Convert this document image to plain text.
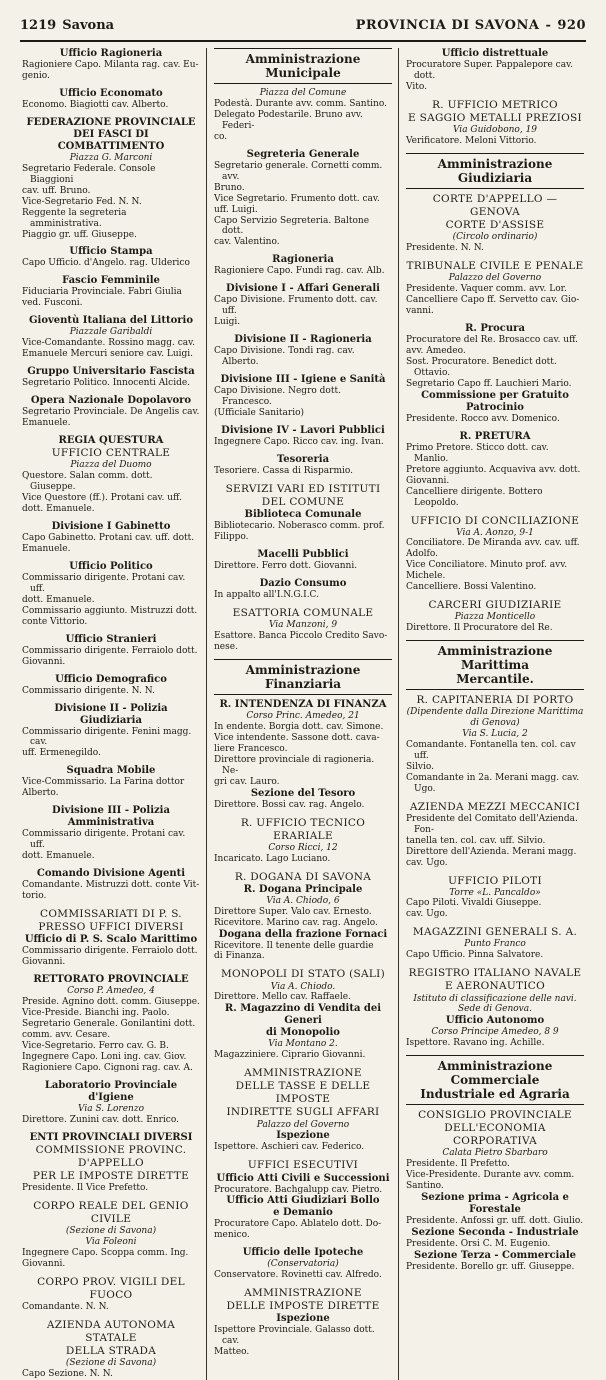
1219 Savona	PROVINCIA DI SAVONA - 920
Ufficio Ragioneria
Ragioniere Capo. Milanta rag. cav. Eu-
genio.
Ufficio Economato
Economo. Biagiotti cav. Alberto.
FEDERAZIONE PROVINCIALE
DEI FASCI DI COMBATTIMENTO
Piazza G. Marconi
Segretario Federale. Console Biaggioni
cav. uff. Bruno.
Vice-Segretario Fed. N. N.
Reggente la segreteria amministrativa.
Piaggio gr. uff. Giuseppe.
Ufficio Stampa
Capo Ufficio. d'Angelo. rag. Ulderico
Fascio Femminile
Fiduciaria Provinciale. Fabri Giulia
ved. Fusconi.
Gioventù Italiana del Littorio
Piazzale Garibaldi
Vice-Comandante. Rossino magg. cav.
Emanuele Mercuri seniore cav. Luigi.
Gruppo Universitario Fascista
Segretario Politico. Innocenti Alcide.
Opera Nazionale Dopolavoro
Segretario Provinciale. De Angelis cav.
Emanuele.
REGIA QUESTURA
UFFICIO CENTRALE
Piazza del Duomo
Questore. Salan comm. dott. Giuseppe.
Vice Questore (ff.). Protani cav. uff.
dott. Emanuele.
Divisione I Gabinetto
Capo Gabinetto. Protani cav. uff. dott.
Emanuele.
Ufficio Politico
Commissario dirigente. Protani cav. uff.
dott. Emanuele.
Commissario aggiunto. Mistruzzi dott.
conte Vittorio.
Ufficio Stranieri
Commissario dirigente. Ferraiolo dott.
Giovanni.
Ufficio Demografico
Commissario dirigente. N. N.
Divisione II - Polizia Giudiziaria
Commissario dirigente. Fenini magg. cav.
uff. Ermenegildo.
Squadra Mobile
Vice-Commissario. La Farina dottor
Alberto.
Divisione III - Polizia Amministrativa
Commissario dirigente. Protani cav. uff.
dott. Emanuele.
Comando Divisione Agenti
Comandante. Mistruzzi dott. conte Vit-
torio.
COMMISSARIATI DI P. S.
PRESSO UFFICI DIVERSI
Ufficio di P. S. Scalo Marittimo
Commissario dirigente. Ferraiolo dott.
Giovanni.
RETTORATO PROVINCIALE
Corso P. Amedeo, 4
Preside. Agnino dott. comm. Giuseppe.
Vice-Preside. Bianchi ing. Paolo.
Segretario Generale. Gonilantini dott.
comm. avv. Cesare.
Vice-Segretario. Ferro cav. G. B.
Ingegnere Capo. Loni ing. cav. Giov.
Ragioniere Capo. Cignoni rag. cav. A.
Laboratorio Provinciale d'Igiene
Via S. Lorenzo
Direttore. Zunini cav. dott. Enrico.
ENTI PROVINCIALI DIVERSI
COMMISSIONE PROVINC. D'APPELLO
PER LE IMPOSTE DIRETTE
Presidente. Il Vice Prefetto.
CORPO REALE DEL GENIO CIVILE
(Sezione di Savona)
Via Foleoni
Ingegnere Capo. Scoppa comm. Ing.
Giovanni.
CORPO PROV. VIGILI DEL FUOCO
Comandante. N. N.
AZIENDA AUTONOMA STATALE
DELLA STRADA
(Sezione di Savona)
Capo Sezione. N. N.
Amministrazione Municipale
Piazza del Comune
Podestà. Durante avv. comm. Santino.
Delegato Podestarile. Bruno avv. Federi-
co.
Segreteria Generale
Segretario generale. Cornetti comm. avv.
Bruno.
Vice Segretario. Frumento dott. cav.
uff. Luigi.
Capo Servizio Segreteria. Baltone dott.
cav. Valentino.
Ragioneria
Ragioniere Capo. Fundi rag. cav. Alb.
Divisione I - Affari Generali
Capo Divisione. Frumento dott. cav. uff.
Luigi.
Divisione II - Ragioneria
Capo Divisione. Tondi rag. cav. Alberto.
Divisione III - Igiene e Sanità
Capo Divisione. Negro dott. Francesco.
(Ufficiale Sanitario)
Divisione IV - Lavori Pubblici
Ingegnere Capo. Ricco cav. ing. Ivan.
Tesoreria
Tesoriere. Cassa di Risparmio.
SERVIZI VARI ED ISTITUTI
DEL COMUNE
Biblioteca Comunale
Bibliotecario. Noberasco comm. prof.
Filippo.
Macelli Pubblici
Direttore. Ferro dott. Giovanni.
Dazio Consumo
In appalto all'I.N.G.I.C.
ESATTORIA COMUNALE
Via Manzoni, 9
Esattore. Banca Piccolo Credito Savo-
nese.
Amministrazione Finanziaria
R. INTENDENZA DI FINANZA
Corso Princ. Amedeo, 21
In endente. Borgia dott. cav. Simone.
Vice intendente. Sassone dott. cava-
liere Francesco.
Direttore provinciale di ragioneria. Ne-
gri cav. Lauro.
Sezione del Tesoro
Direttore. Bossi cav. rag. Angelo.
R. UFFICIO TECNICO ERARIALE
Corso Ricci, 12
Incaricato. Lago Luciano.
R. DOGANA DI SAVONA
R. Dogana Principale
Via A. Chiodo, 6
Direttore Super. Valo cav. Ernesto.
Ricevitore. Marino cav. rag. Angelo.
Dogana della frazione Fornaci
Ricevitore. Il tenente delle guardie
di Finanza.
MONOPOLI DI STATO (SALI)
Via A. Chiodo.
Direttore. Mello cav. Raffaele.
R. Magazzino di Vendita dei Generi
di Monopolio
Via Montano 2.
Magazziniere. Ciprario Giovanni.
AMMINISTRAZIONE
DELLE TASSE E DELLE IMPOSTE
INDIRETTE SUGLI AFFARI
Palazzo del Governo
Ispezione
Ispettore. Aschieri cav. Federico.
UFFICI ESECUTIVI
Ufficio Atti Civili e Successioni
Procuratore. Bachgalupp cav. Pietro.
Ufficio Atti Giudiziari Bollo
e Demanio
Procuratore Capo. Ablatelo dott. Do-
menico.
Ufficio delle Ipoteche
(Conservatoria)
Conservatore. Rovinetti cav. Alfredo.
AMMINISTRAZIONE
DELLE IMPOSTE DIRETTE
Ispezione
Ispettore Provinciale. Galasso dott. cav.
Matteo.
Ufficio distrettuale
Procuratore Super. Pappalepore cav. dott.
Vito.
R. UFFICIO METRICO
E SAGGIO METALLI PREZIOSI
Via Guidobono, 19
Verificatore. Meloni Vittorio.
Amministrazione Giudiziaria
CORTE D'APPELLO — GENOVA
CORTE D'ASSISE
(Circolo ordinario)
Presidente. N. N.
TRIBUNALE CIVILE E PENALE
Palazzo del Governo
Presidente. Vaquer comm. avv. Lor.
Cancelliere Capo ff. Servetto cav. Gio-
vanni.
R. Procura
Procuratore del Re. Brosacco cav. uff.
avv. Amedeo.
Sost. Procuratore. Benedict dott. Ottavio.
Segretario Capo ff. Lauchieri Mario.
Commissione per Gratuito Patrocinio
Presidente. Rocco avv. Domenico.
R. PRETURA
Primo Pretore. Sticco dott. cav. Manlio.
Pretore aggiunto. Acquaviva avv. dott.
Giovanni.
Cancelliere dirigente. Bottero Leopoldo.
UFFICIO DI CONCILIAZIONE
Via A. Aonzo, 9-1
Conciliatore. De Miranda avv. cav. uff.
Adolfo.
Vice Conciliatore. Minuto prof. avv.
Michele.
Cancelliere. Bossi Valentino.
CARCERI GIUDIZIARIE
Piazza Monticello
Direttore. Il Procuratore del Re.
Amministrazione Marittima
Mercantile.
R. CAPITANERIA DI PORTO
(Dipendente dalla Direzione Marittima
di Genova)
Via S. Lucia, 2
Comandante. Fontanella ten. col. cav uff.
Silvio.
Comandante in 2a. Merani magg. cav. Ugo.
AZIENDA MEZZI MECCANICI
Presidente del Comitato dell'Azienda. Fon-
tanella ten. col. cav. uff. Silvio.
Direttore dell'Azienda. Merani magg.
cav. Ugo.
UFFICIO PILOTI
Torre «L. Pancaldo»
Capo Piloti. Vivaldi Giuseppe.
cav. Ugo.
MAGAZZINI GENERALI S. A.
Punto Franco
Capo Ufficio. Pinna Salvatore.
REGISTRO ITALIANO NAVALE
E AERONAUTICO
Istituto di classificazione delle navi.
Sede di Genova.
Ufficio Autonomo
Corso Principe Amedeo, 8 9
Ispettore. Ravano ing. Achille.
Amministrazione Commerciale
Industriale ed Agraria
CONSIGLIO PROVINCIALE
DELL'ECONOMIA CORPORATIVA
Calata Pietro Sbarbaro
Presidente. Il Prefetto.
Vice-Presidente. Durante avv. comm.
Santino.
Sezione prima - Agricola e Forestale
Presidente. Anfossi gr. uff. dott. Giulio.
Sezione Seconda - Industriale
Presidente. Orsi C. M. Eugenio.
Sezione Terza - Commerciale
Presidente. Borello gr. uff. Giuseppe.
